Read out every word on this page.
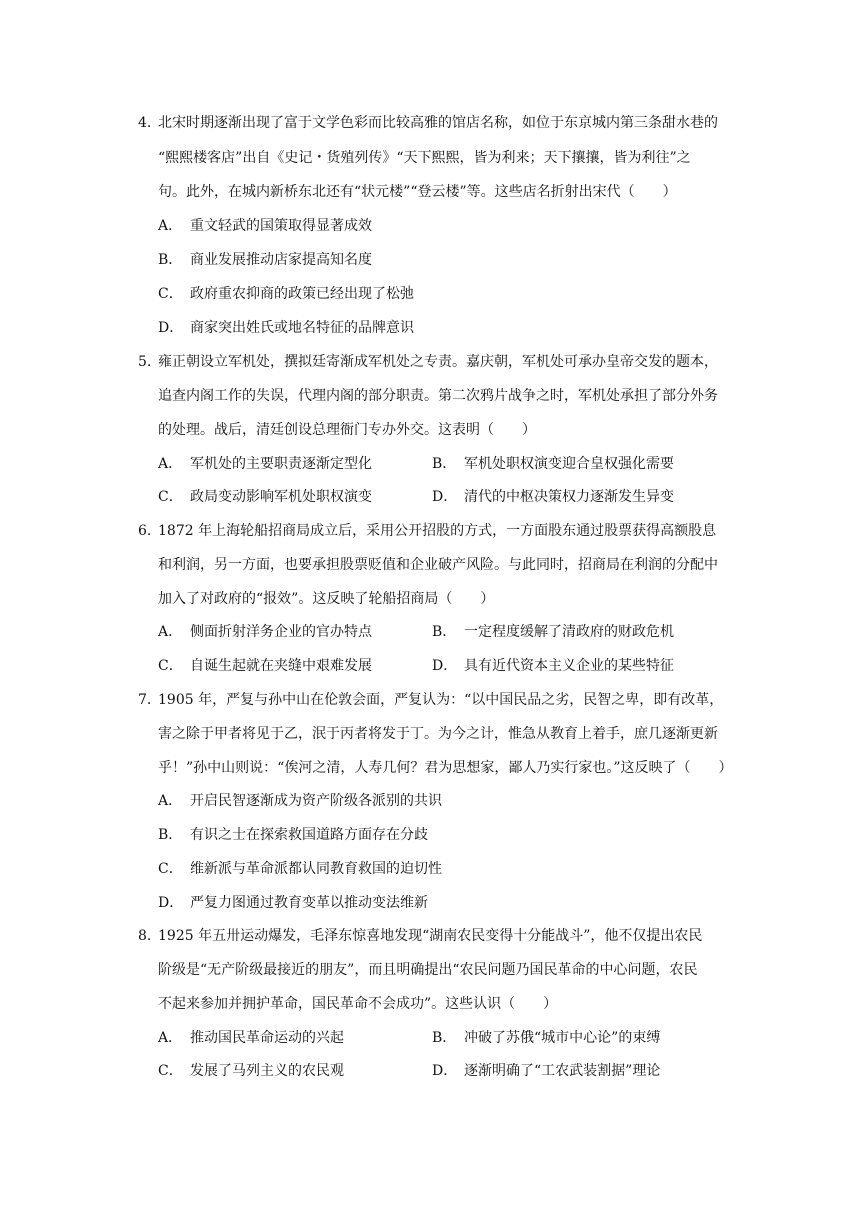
4. 北宋时期逐渐出现了富于文学色彩而比较高雅的馆店名称，如位于东京城内第三条甜水巷的
“熙熙楼客店”出自《史记・货殖列传》“天下熙熙，皆为利来；天下攘攘，皆为利往”之
句。此外，在城内新桥东北还有“状元楼”“登云楼”等。这些店名折射出宋代（　　）
A． 重文轻武的国策取得显著成效
B． 商业发展推动店家提高知名度
C． 政府重农抑商的政策已经出现了松弛
D． 商家突出姓氏或地名特征的品牌意识
5. 雍正朝设立军机处，撰拟廷寄渐成军机处之专责。嘉庆朝，军机处可承办皇帝交发的题本，
追查内阁工作的失误，代理内阁的部分职责。第二次鸦片战争之时，军机处承担了部分外务
的处理。战后，清廷创设总理衙门专办外交。这表明（　　）
A． 军机处的主要职责逐渐定型化	B． 军机处职权演变迎合皇权强化需要
C． 政局变动影响军机处职权演变	D． 清代的中枢决策权力逐渐发生异变
6. 1872 年上海轮船招商局成立后，采用公开招股的方式，一方面股东通过股票获得高额股息
和利润，另一方面，也要承担股票贬值和企业破产风险。与此同时，招商局在利润的分配中
加入了对政府的“报效”。这反映了轮船招商局（　　）
A． 侧面折射洋务企业的官办特点	B． 一定程度缓解了清政府的财政危机
C． 自诞生起就在夹缝中艰难发展	D． 具有近代资本主义企业的某些特征
7. 1905 年，严复与孙中山在伦敦会面，严复认为：“以中国民品之劣，民智之卑，即有改革，
害之除于甲者将见于乙，泯于丙者将发于丁。为今之计，惟急从教育上着手，庶几逐渐更新
乎！”孙中山则说：“俟河之清，人寿几何？君为思想家，鄙人乃实行家也。”这反映了（　　）
A． 开启民智逐渐成为资产阶级各派别的共识
B． 有识之士在探索救国道路方面存在分歧
C． 维新派与革命派都认同教育救国的迫切性
D． 严复力图通过教育变革以推动变法维新
8. 1925 年五卅运动爆发，毛泽东惊喜地发现“湖南农民变得十分能战斗”，他不仅提出农民
阶级是“无产阶级最接近的朋友”，而且明确提出“农民问题乃国民革命的中心问题，农民
不起来参加并拥护革命，国民革命不会成功”。这些认识（　　）
A． 推动国民革命运动的兴起	B． 冲破了苏俄“城市中心论”的束缚
C． 发展了马列主义的农民观	D． 逐渐明确了“工农武装割据”理论
